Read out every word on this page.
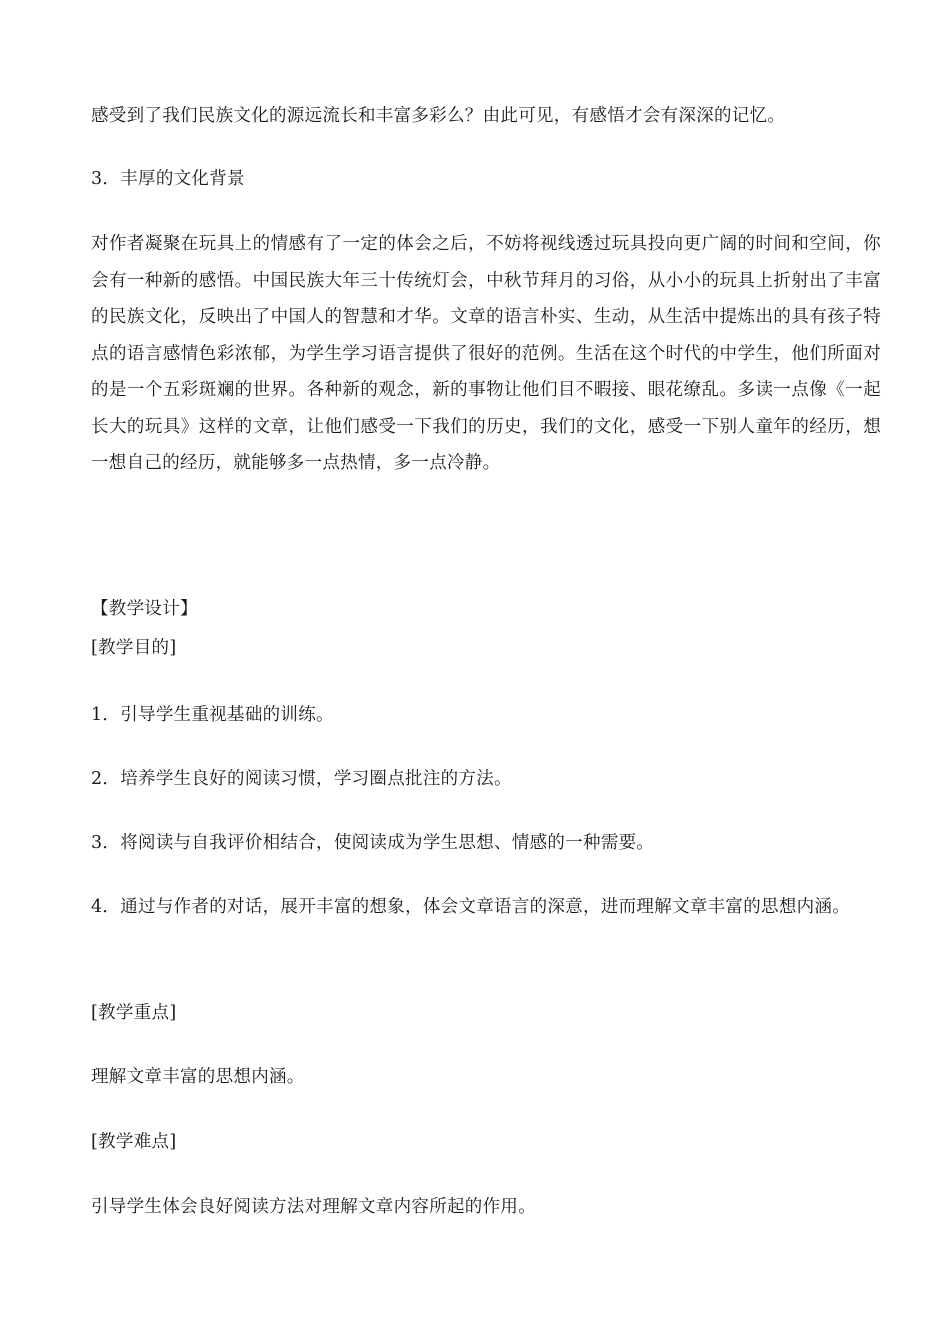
感受到了我们民族文化的源远流长和丰富多彩么？由此可见，有感悟才会有深深的记忆。

3．丰厚的文化背景

对作者凝聚在玩具上的情感有了一定的体会之后，不妨将视线透过玩具投向更广阔的时间和空间，你会有一种新的感悟。中国民族大年三十传统灯会，中秋节拜月的习俗，从小小的玩具上折射出了丰富的民族文化，反映出了中国人的智慧和才华。文章的语言朴实、生动，从生活中提炼出的具有孩子特点的语言感情色彩浓郁，为学生学习语言提供了很好的范例。生活在这个时代的中学生，他们所面对的是一个五彩斑斓的世界。各种新的观念，新的事物让他们目不暇接、眼花缭乱。多读一点像《一起长大的玩具》这样的文章，让他们感受一下我们的历史，我们的文化，感受一下别人童年的经历，想一想自己的经历，就能够多一点热情，多一点冷静。

【教学设计】

[教学目的]

1．引导学生重视基础的训练。

2．培养学生良好的阅读习惯，学习圈点批注的方法。

3．将阅读与自我评价相结合，使阅读成为学生思想、情感的一种需要。

4．通过与作者的对话，展开丰富的想象，体会文章语言的深意，进而理解文章丰富的思想内涵。

[教学重点]

理解文章丰富的思想内涵。

[教学难点]

引导学生体会良好阅读方法对理解文章内容所起的作用。
